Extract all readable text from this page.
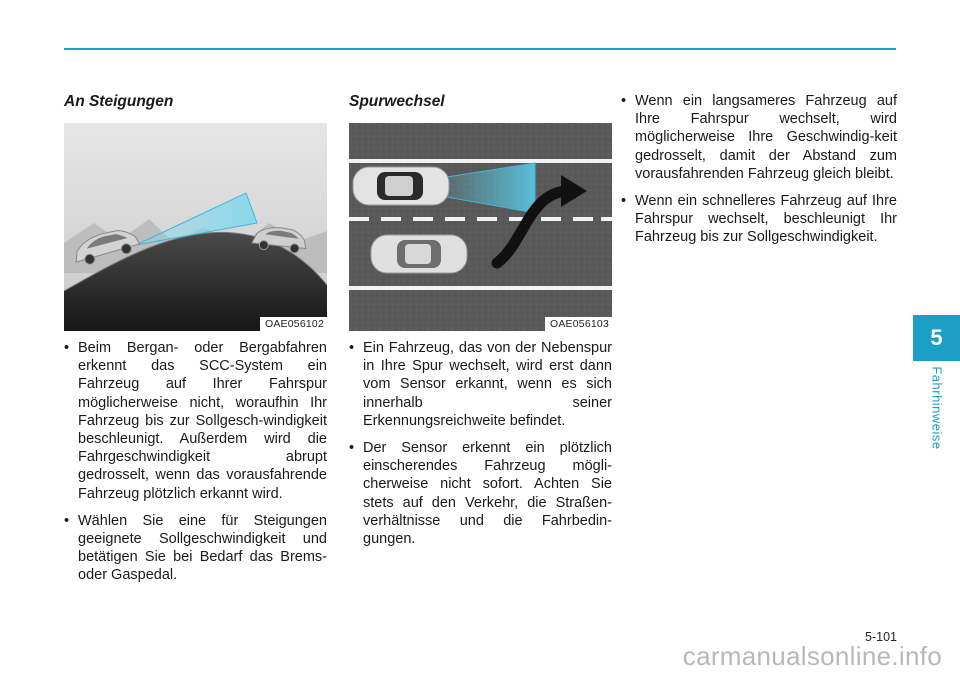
An Steigungen
OAE056102
• Beim Bergan- oder Bergabfahren erkennt das SCC-System ein Fahrzeug auf Ihrer Fahrspur möglicherweise nicht, woraufhin Ihr Fahrzeug bis zur Sollgesch-windigkeit beschleunigt. Außerdem wird die Fahrgeschwindigkeit abrupt gedrosselt, wenn das vorausfahrende Fahrzeug plötzlich erkannt wird.
• Wählen Sie eine für Steigungen geeignete Sollgeschwindigkeit und betätigen Sie bei Bedarf das Brems- oder Gaspedal.
Spurwechsel
OAE056103
• Ein Fahrzeug, das von der Nebenspur in Ihre Spur wechselt, wird erst dann vom Sensor erkannt, wenn es sich innerhalb seiner Erkennungsreichweite befindet.
• Der Sensor erkennt ein plötzlich einscherendes Fahrzeug mögli-cherweise nicht sofort. Achten Sie stets auf den Verkehr, die Straßen-verhältnisse und die Fahrbedin-gungen.
• Wenn ein langsameres Fahrzeug auf Ihre Fahrspur wechselt, wird möglicherweise Ihre Geschwindig-keit gedrosselt, damit der Abstand zum vorausfahrenden Fahrzeug gleich bleibt.
• Wenn ein schnelleres Fahrzeug auf Ihre Fahrspur wechselt, beschleunigt Ihr Fahrzeug bis zur Sollgeschwindigkeit.
5
Fahrhinweise
5-101
carmanualsonline.info
